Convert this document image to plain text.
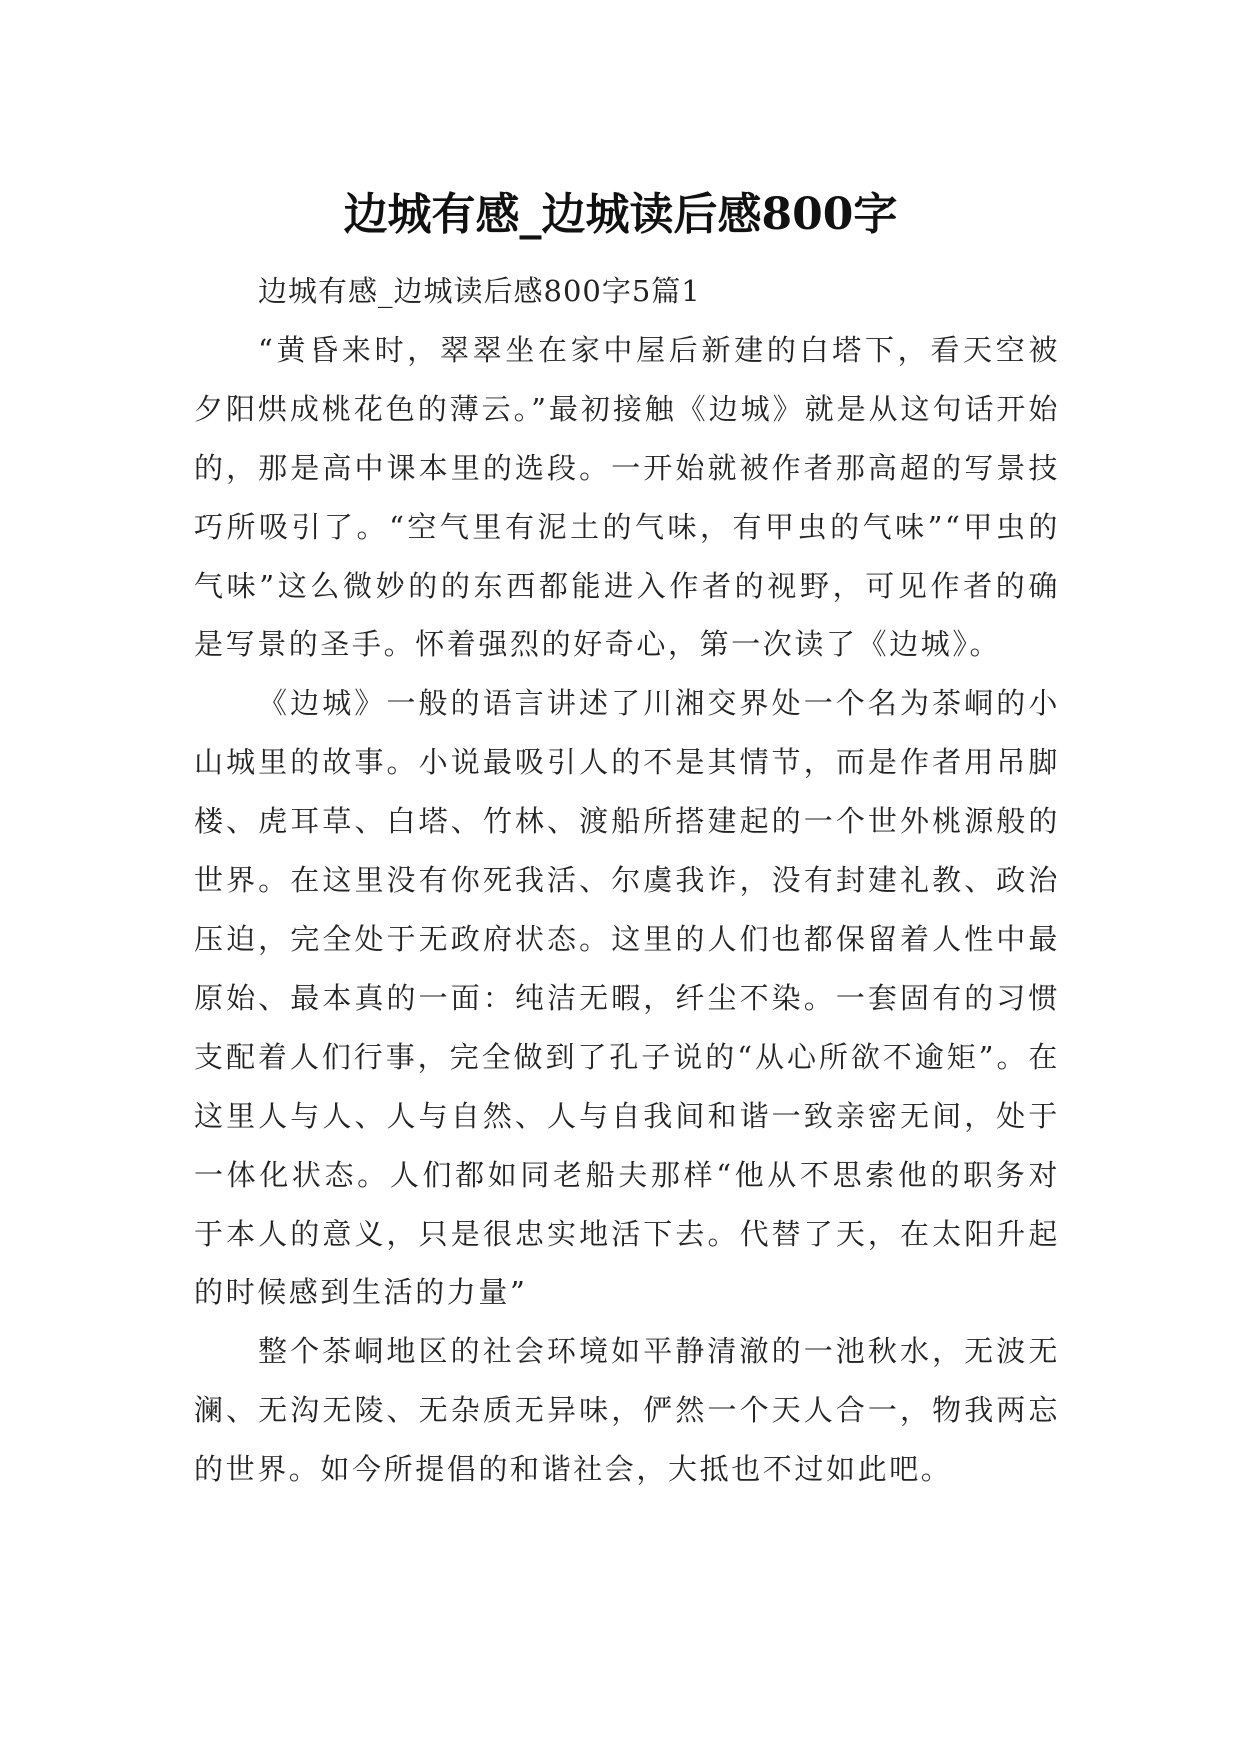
边城有感_边城读后感800字

边城有感_边城读后感800字5篇1

“黄昏来时，翠翠坐在家中屋后新建的白塔下，看天空被夕阳烘成桃花色的薄云。”最初接触《边城》就是从这句话开始的，那是高中课本里的选段。一开始就被作者那高超的写景技巧所吸引了。“空气里有泥土的气味，有甲虫的气味”“甲虫的气味”这么微妙的的东西都能进入作者的视野，可见作者的确是写景的圣手。怀着强烈的好奇心，第一次读了《边城》。

《边城》一般的语言讲述了川湘交界处一个名为茶峒的小山城里的故事。小说最吸引人的不是其情节，而是作者用吊脚楼、虎耳草、白塔、竹林、渡船所搭建起的一个世外桃源般的世界。在这里没有你死我活、尔虞我诈，没有封建礼教、政治压迫，完全处于无政府状态。这里的人们也都保留着人性中最原始、最本真的一面：纯洁无暇，纤尘不染。一套固有的习惯支配着人们行事，完全做到了孔子说的“从心所欲不逾矩”。在这里人与人、人与自然、人与自我间和谐一致亲密无间，处于一体化状态。人们都如同老船夫那样“他从不思索他的职务对于本人的意义，只是很忠实地活下去。代替了天，在太阳升起的时候感到生活的力量”

整个茶峒地区的社会环境如平静清澈的一池秋水，无波无澜、无沟无陵、无杂质无异味，俨然一个天人合一，物我两忘的世界。如今所提倡的和谐社会，大抵也不过如此吧。
